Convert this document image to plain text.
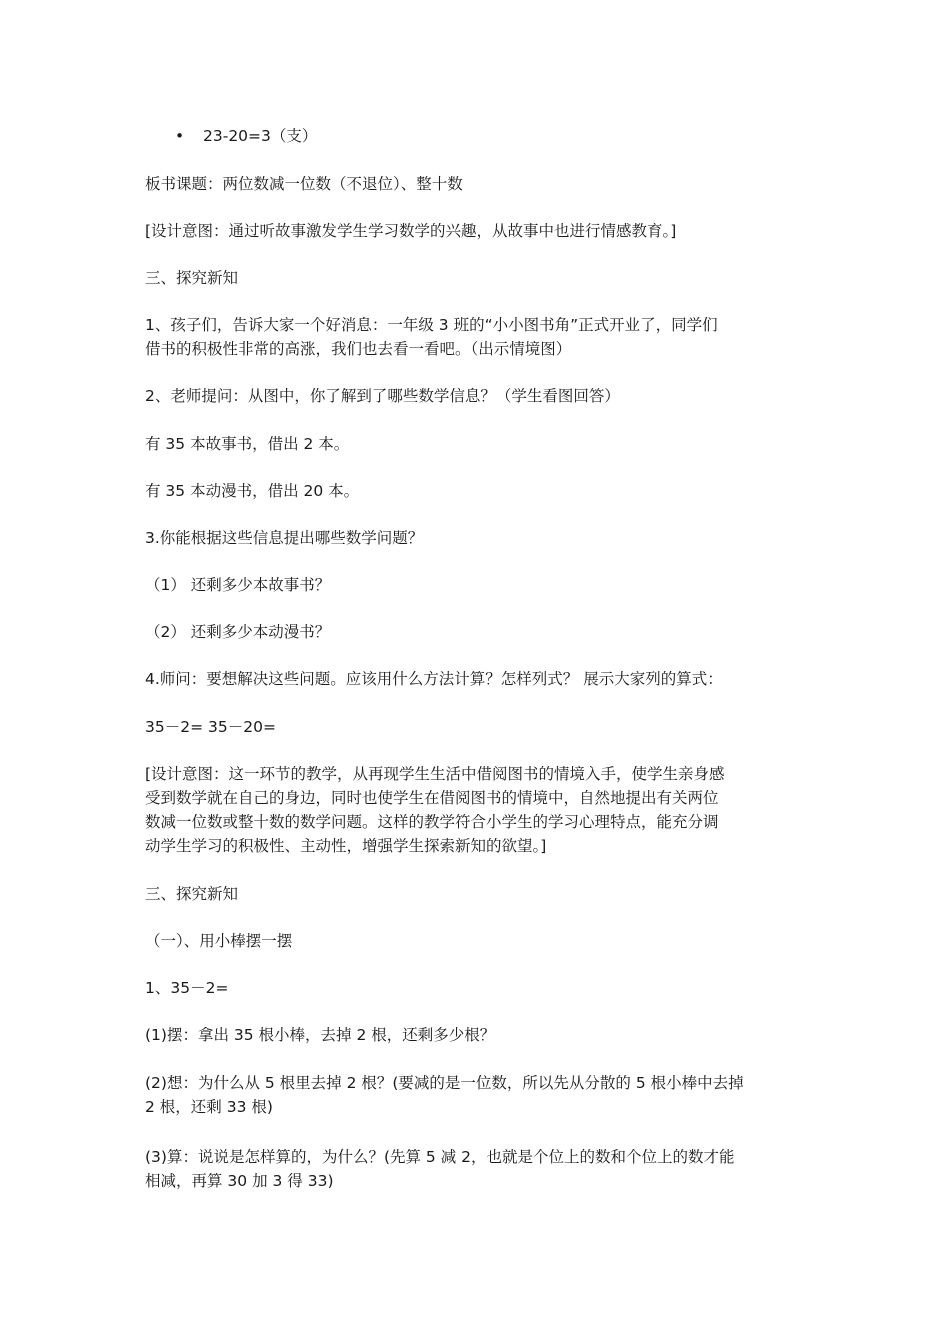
• 23-20=3（支）
板书课题：两位数减一位数（不退位）、整十数
[设计意图：通过听故事激发学生学习数学的兴趣，从故事中也进行情感教育。]
三、探究新知
1、孩子们，告诉大家一个好消息：一年级 3 班的“小小图书角”正式开业了，同学们
借书的积极性非常的高涨，我们也去看一看吧。（出示情境图）
2、老师提问：从图中，你了解到了哪些数学信息？（学生看图回答）
有 35 本故事书，借出 2 本。
有 35 本动漫书，借出 20 本。
3.你能根据这些信息提出哪些数学问题？
（1） 还剩多少本故事书？
（2） 还剩多少本动漫书？
4.师问：要想解决这些问题。应该用什么方法计算？怎样列式？ 展示大家列的算式：
35－2= 35－20=
[设计意图：这一环节的教学，从再现学生生活中借阅图书的情境入手，使学生亲身感
受到数学就在自己的身边，同时也使学生在借阅图书的情境中，自然地提出有关两位
数减一位数或整十数的数学问题。这样的教学符合小学生的学习心理特点，能充分调
动学生学习的积极性、主动性，增强学生探索新知的欲望。]
三、探究新知
（一）、用小棒摆一摆
1、35－2=
(1)摆：拿出 35 根小棒，去掉 2 根，还剩多少根？
(2)想：为什么从 5 根里去掉 2 根？(要减的是一位数，所以先从分散的 5 根小棒中去掉
2 根，还剩 33 根)
(3)算：说说是怎样算的，为什么？(先算 5 减 2，也就是个位上的数和个位上的数才能
相减，再算 30 加 3 得 33)
